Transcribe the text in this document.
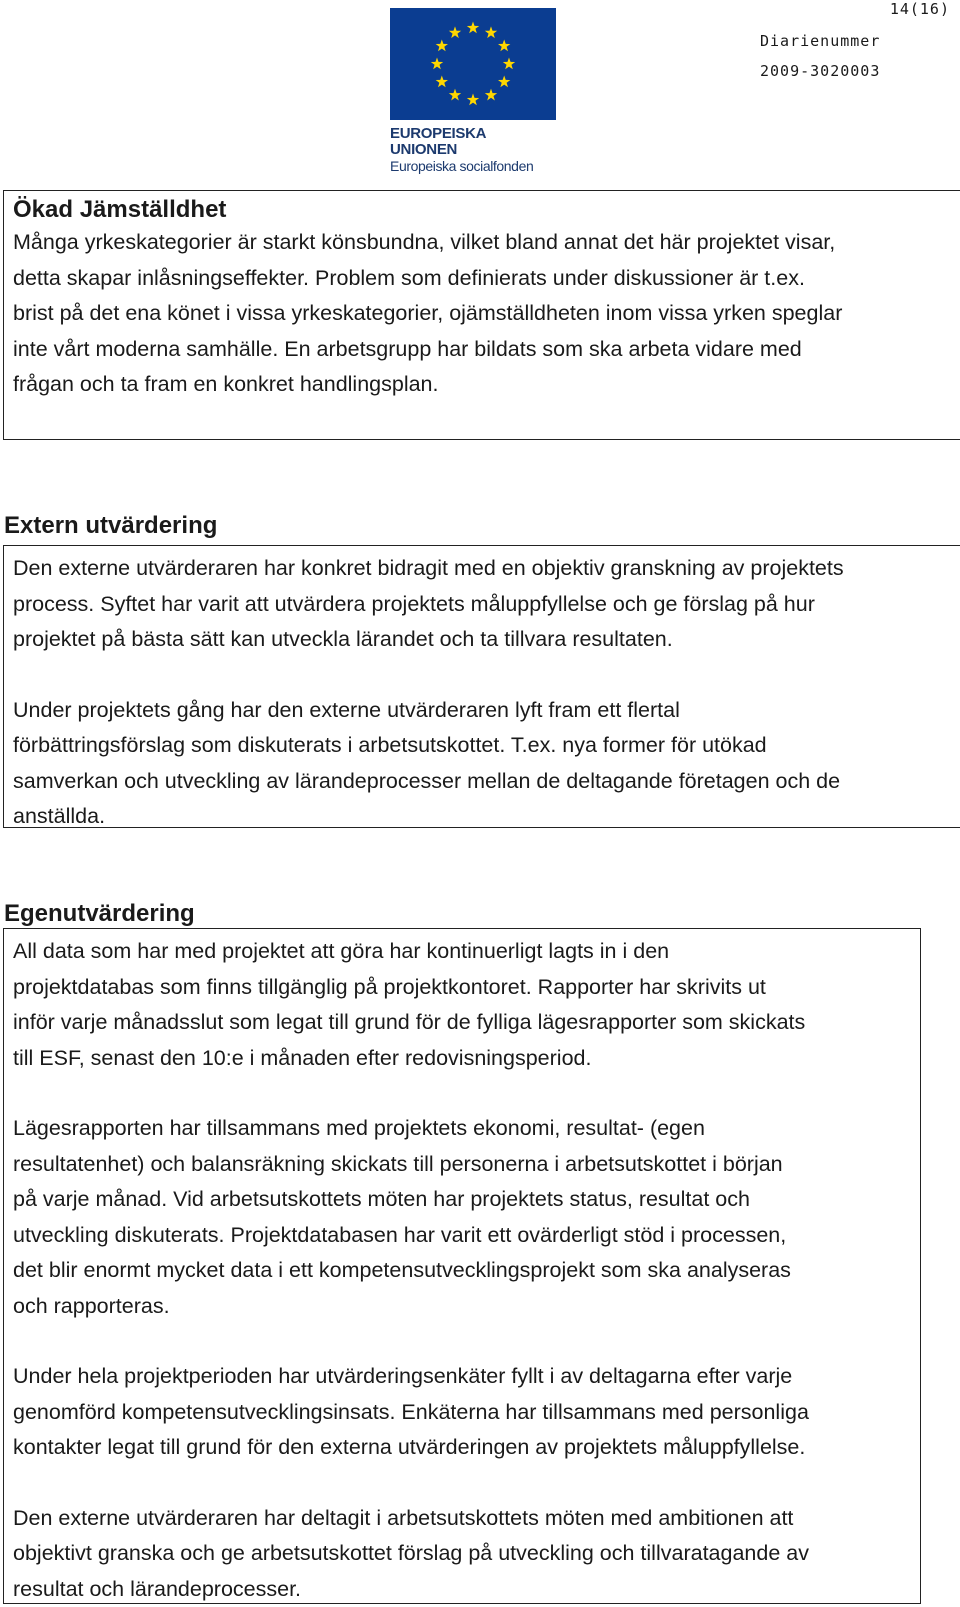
14(16)
Diarienummer
2009-3020003
EUROPEISKA UNIONEN
Europeiska socialfonden
Ökad Jämställdhet

Många yrkeskategorier är starkt könsbundna, vilket bland annat det här projektet visar,

detta skapar inlåsningseffekter. Problem som definierats under diskussioner är t.ex.

brist på det ena könet i vissa yrkeskategorier, ojämställdheten inom vissa yrken speglar

inte vårt moderna samhälle. En arbetsgrupp har bildats som ska arbeta vidare med

frågan och ta fram en konkret handlingsplan.

Extern utvärdering

Den externe utvärderaren har konkret bidragit med en objektiv granskning av projektets

process. Syftet har varit att utvärdera projektets måluppfyllelse och ge förslag på hur

projektet på bästa sätt kan utveckla lärandet och ta tillvara resultaten.

Under projektets gång har den externe utvärderaren lyft fram ett flertal

förbättringsförslag som diskuterats i arbetsutskottet. T.ex. nya former för utökad

samverkan och utveckling av lärandeprocesser mellan de deltagande företagen och de

anställda.

Egenutvärdering

All data som har med projektet att göra har kontinuerligt lagts in i den

projektdatabas som finns tillgänglig på projektkontoret. Rapporter har skrivits ut

inför varje månadsslut som legat till grund för de fylliga lägesrapporter som skickats

till ESF, senast den 10:e i månaden efter redovisningsperiod.

Lägesrapporten har tillsammans med projektets ekonomi, resultat- (egen

resultatenhet) och balansräkning skickats till personerna i arbetsutskottet i början

på varje månad. Vid arbetsutskottets möten har projektets status, resultat och

utveckling diskuterats. Projektdatabasen har varit ett ovärderligt stöd i processen,

det blir enormt mycket data i ett kompetensutvecklingsprojekt som ska analyseras

och rapporteras.

Under hela projektperioden har utvärderingsenkäter fyllt i av deltagarna efter varje

genomförd kompetensutvecklingsinsats. Enkäterna har tillsammans med personliga

kontakter legat till grund för den externa utvärderingen av projektets måluppfyllelse.

Den externe utvärderaren har deltagit i arbetsutskottets möten med ambitionen att

objektivt granska och ge arbetsutskottet förslag på utveckling och tillvaratagande av

resultat och lärandeprocesser.
